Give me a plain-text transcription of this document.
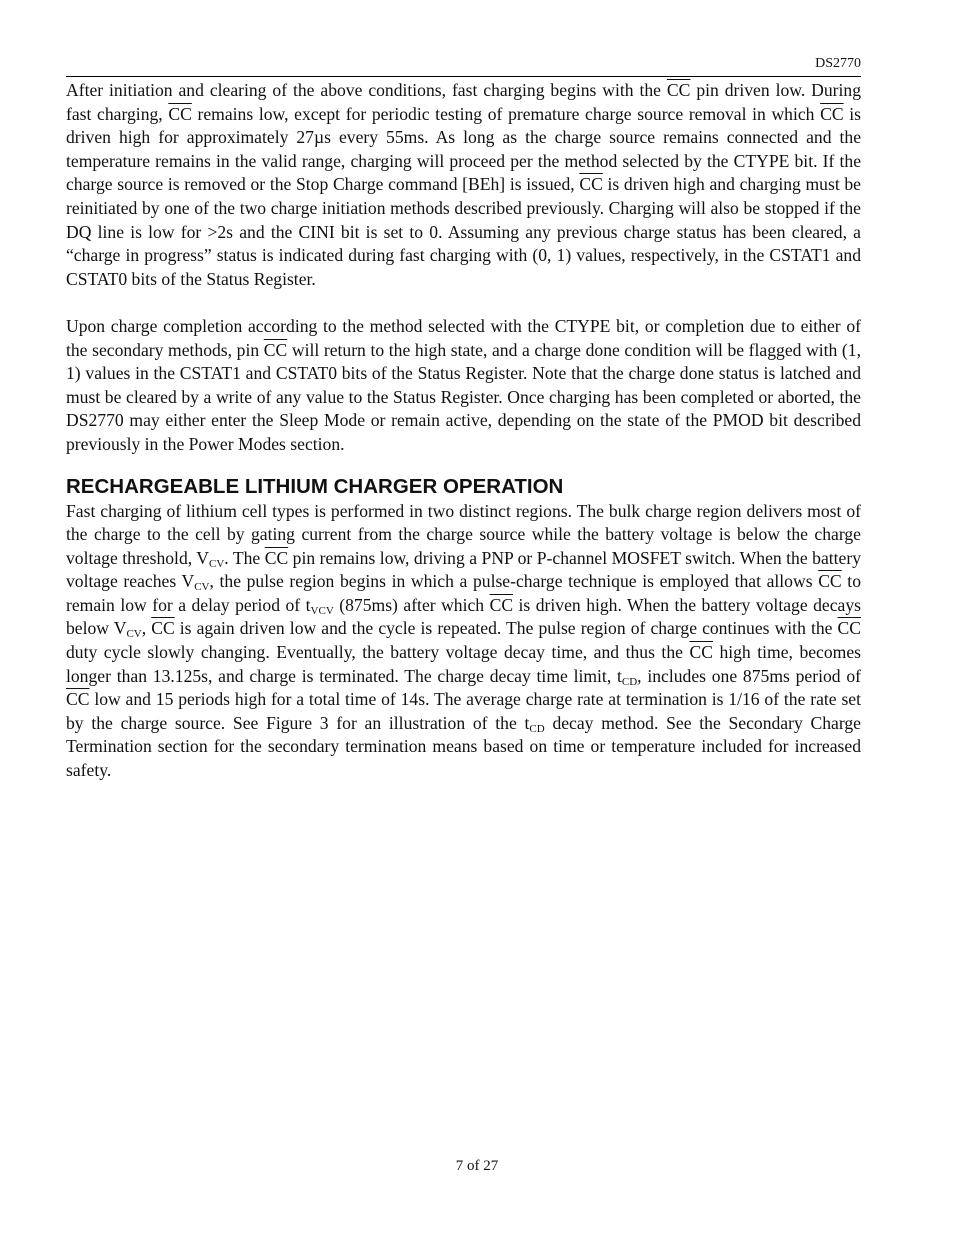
DS2770

After initiation and clearing of the above conditions, fast charging begins with the $\overline{CC}$ pin driven low. During fast charging, $\overline{CC}$ remains low, except for periodic testing of premature charge source removal in which $\overline{CC}$ is driven high for approximately 27µs every 55ms. As long as the charge source remains connected and the temperature remains in the valid range, charging will proceed per the method selected by the CTYPE bit. If the charge source is removed or the Stop Charge command [BEh] is issued, $\overline{CC}$ is driven high and charging must be reinitiated by one of the two charge initiation methods described previously. Charging will also be stopped if the DQ line is low for >2s and the CINI bit is set to 0. Assuming any previous charge status has been cleared, a “charge in progress” status is indicated during fast charging with (0, 1) values, respectively, in the CSTAT1 and CSTAT0 bits of the Status Register.

Upon charge completion according to the method selected with the CTYPE bit, or completion due to either of the secondary methods, pin $\overline{CC}$ will return to the high state, and a charge done condition will be flagged with (1, 1) values in the CSTAT1 and CSTAT0 bits of the Status Register. Note that the charge done status is latched and must be cleared by a write of any value to the Status Register. Once charging has been completed or aborted, the DS2770 may either enter the Sleep Mode or remain active, depending on the state of the PMOD bit described previously in the Power Modes section.

RECHARGEABLE LITHIUM CHARGER OPERATION

Fast charging of lithium cell types is performed in two distinct regions. The bulk charge region delivers most of the charge to the cell by gating current from the charge source while the battery voltage is below the charge voltage threshold, $V_{CV}$. The $\overline{CC}$ pin remains low, driving a PNP or P-channel MOSFET switch. When the battery voltage reaches $V_{CV}$, the pulse region begins in which a pulse-charge technique is employed that allows $\overline{CC}$ to remain low for a delay period of $t_{VCV}$ (875ms) after which $\overline{CC}$ is driven high. When the battery voltage decays below $V_{CV}$, $\overline{CC}$ is again driven low and the cycle is repeated. The pulse region of charge continues with the $\overline{CC}$ duty cycle slowly changing. Eventually, the battery voltage decay time, and thus the $\overline{CC}$ high time, becomes longer than 13.125s, and charge is terminated. The charge decay time limit, $t_{CD}$, includes one 875ms period of $\overline{CC}$ low and 15 periods high for a total time of 14s. The average charge rate at termination is 1/16 of the rate set by the charge source. See Figure 3 for an illustration of the $t_{CD}$ decay method. See the Secondary Charge Termination section for the secondary termination means based on time or temperature included for increased safety.

7 of 27
